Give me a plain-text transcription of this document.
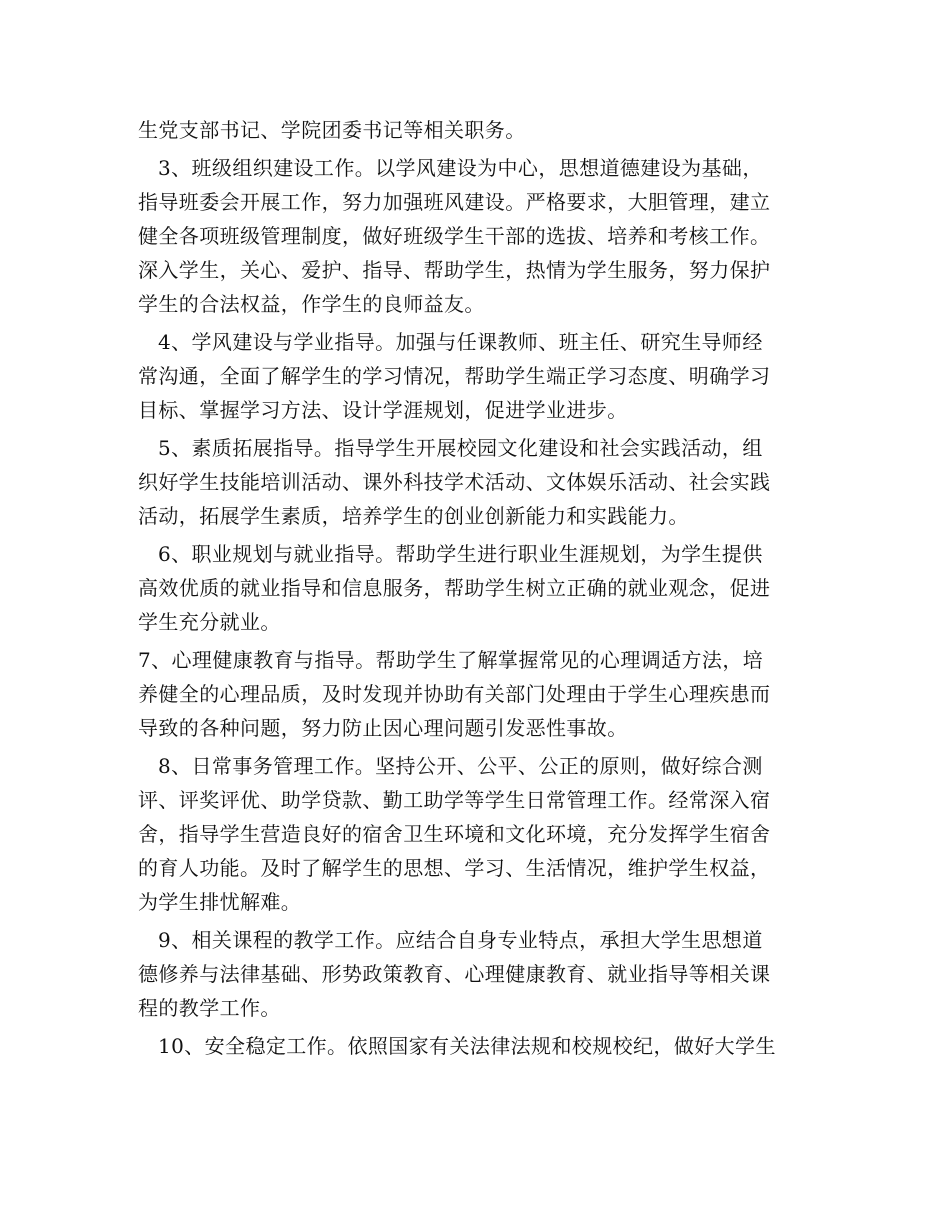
生党支部书记、学院团委书记等相关职务。
3、班级组织建设工作。以学风建设为中心，思想道德建设为基础，
指导班委会开展工作，努力加强班风建设。严格要求，大胆管理，建立
健全各项班级管理制度，做好班级学生干部的选拔、培养和考核工作。
深入学生，关心、爱护、指导、帮助学生，热情为学生服务，努力保护
学生的合法权益，作学生的良师益友。
4、学风建设与学业指导。加强与任课教师、班主任、研究生导师经
常沟通，全面了解学生的学习情况，帮助学生端正学习态度、明确学习
目标、掌握学习方法、设计学涯规划，促进学业进步。
5、素质拓展指导。指导学生开展校园文化建设和社会实践活动，组
织好学生技能培训活动、课外科技学术活动、文体娱乐活动、社会实践
活动，拓展学生素质，培养学生的创业创新能力和实践能力。
6、职业规划与就业指导。帮助学生进行职业生涯规划，为学生提供
高效优质的就业指导和信息服务，帮助学生树立正确的就业观念，促进
学生充分就业。
7、心理健康教育与指导。帮助学生了解掌握常见的心理调适方法，培
养健全的心理品质，及时发现并协助有关部门处理由于学生心理疾患而
导致的各种问题，努力防止因心理问题引发恶性事故。
8、日常事务管理工作。坚持公开、公平、公正的原则，做好综合测
评、评奖评优、助学贷款、勤工助学等学生日常管理工作。经常深入宿
舍，指导学生营造良好的宿舍卫生环境和文化环境，充分发挥学生宿舍
的育人功能。及时了解学生的思想、学习、生活情况，维护学生权益，
为学生排忧解难。
9、相关课程的教学工作。应结合自身专业特点，承担大学生思想道
德修养与法律基础、形势政策教育、心理健康教育、就业指导等相关课
程的教学工作。
10、安全稳定工作。依照国家有关法律法规和校规校纪，做好大学生
